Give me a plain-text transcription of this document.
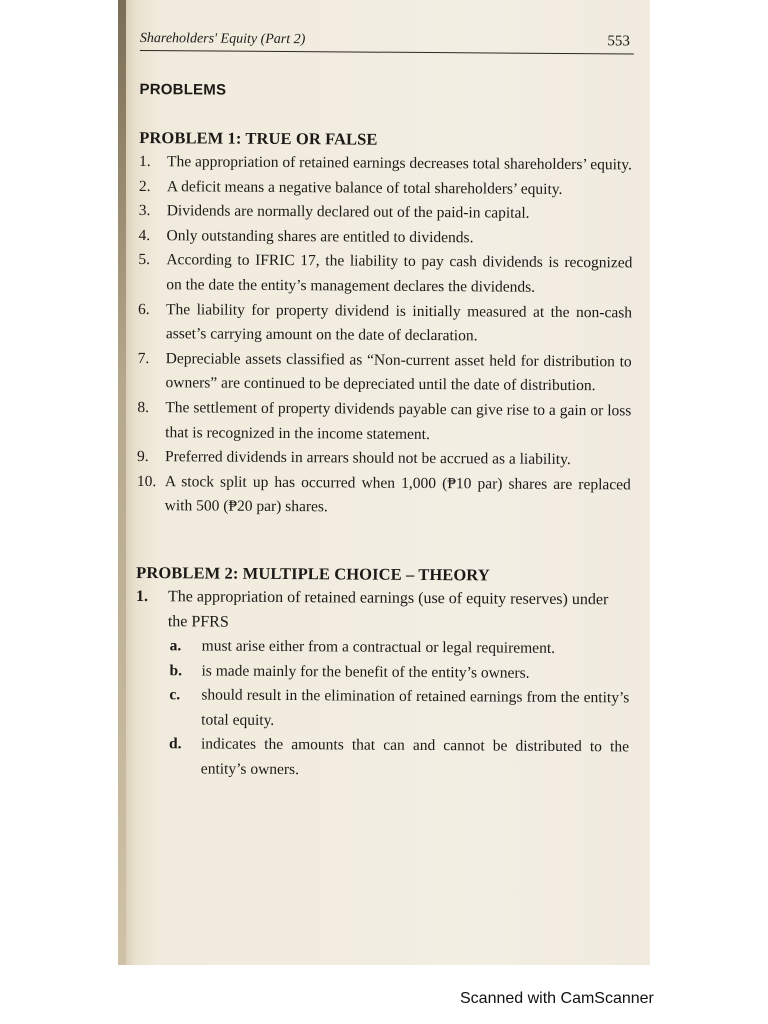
Shareholders' Equity (Part 2)	553
PROBLEMS
PROBLEM 1: TRUE OR FALSE
1.	The appropriation of retained earnings decreases total shareholders’ equity.
2.	A deficit means a negative balance of total shareholders’ equity.
3.	Dividends are normally declared out of the paid-in capital.
4.	Only outstanding shares are entitled to dividends.
5.	According to IFRIC 17, the liability to pay cash dividends is recognized on the date the entity’s management declares the dividends.
6.	The liability for property dividend is initially measured at the non-cash asset’s carrying amount on the date of declaration.
7.	Depreciable assets classified as “Non-current asset held for distribution to owners” are continued to be depreciated until the date of distribution.
8.	The settlement of property dividends payable can give rise to a gain or loss that is recognized in the income statement.
9.	Preferred dividends in arrears should not be accrued as a liability.
10. A stock split up has occurred when 1,000 (₱10 par) shares are replaced with 500 (₱20 par) shares.
PROBLEM 2: MULTIPLE CHOICE – THEORY
1. The appropriation of retained earnings (use of equity reserves) under the PFRS
a. must arise either from a contractual or legal requirement.
b. is made mainly for the benefit of the entity’s owners.
c. should result in the elimination of retained earnings from the entity’s total equity.
d. indicates the amounts that can and cannot be distributed to the entity’s owners.
Scanned with CamScanner
